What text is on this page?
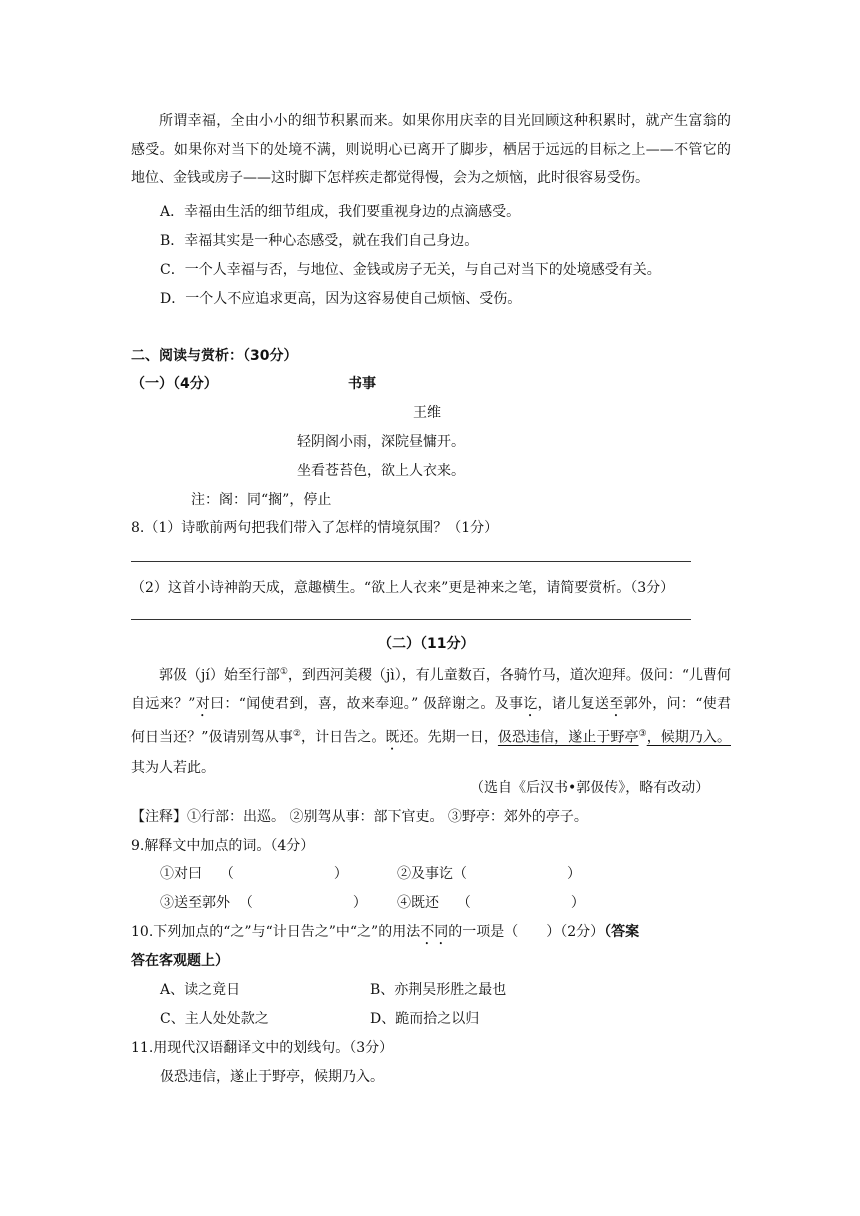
所谓幸福，全由小小的细节积累而来。如果你用庆幸的目光回顾这种积累时，就产生富翁的感受。如果你对当下的处境不满，则说明心已离开了脚步，栖居于远远的目标之上——不管它的地位、金钱或房子——这时脚下怎样疾走都觉得慢，会为之烦恼，此时很容易受伤。
A．幸福由生活的细节组成，我们要重视身边的点滴感受。
B．幸福其实是一种心态感受，就在我们自己身边。
C．一个人幸福与否，与地位、金钱或房子无关，与自己对当下的处境感受有关。
D．一个人不应追求更高，因为这容易使自己烦恼、受伤。
二、阅读与赏析：（30分）
（一）（4分）	书事
王维
轻阴阁小雨，深院昼慵开。
坐看苍苔色，欲上人衣来。
注：阁：同“搁”，停止
8.（1）诗歌前两句把我们带入了怎样的情境氛围？（1分）
（2）这首小诗神韵天成，意趣横生。“欲上人衣来”更是神来之笔，请简要赏析。（3分）
（二）（11分）
郭伋（jí）始至行部①，到西河美稷（jì），有儿童数百，各骑竹马，道次迎拜。伋问：“儿曹何自远来？”对曰：“闻使君到，喜，故来奉迎。” 伋辞谢之。及事讫，诸儿复送至郭外，问：“使君何日当还？”伋请别驾从事②，计日告之。既还。先期一日，伋恐违信，遂止于野亭③，候期乃入。其为人若此。
（选自《后汉书•郭伋传》，略有改动）
【注释】①行部：出巡。 ②别驾从事：部下官吏。 ③野亭：郊外的亭子。
9.解释文中加点的词。（4分）
①对曰 （	）	②及事讫（	）
③送至郭外 （	） ④既还 （	）
10.下列加点的“之”与“计日告之”中“之”的用法不同的一项是（　　）（2分）（答案
答在客观题上）
A、读之竟日	B、亦荆吴形胜之最也
C、主人处处款之	D、跪而拾之以归
11.用现代汉语翻译文中的划线句。（3分）
伋恐违信，遂止于野亭，候期乃入。
